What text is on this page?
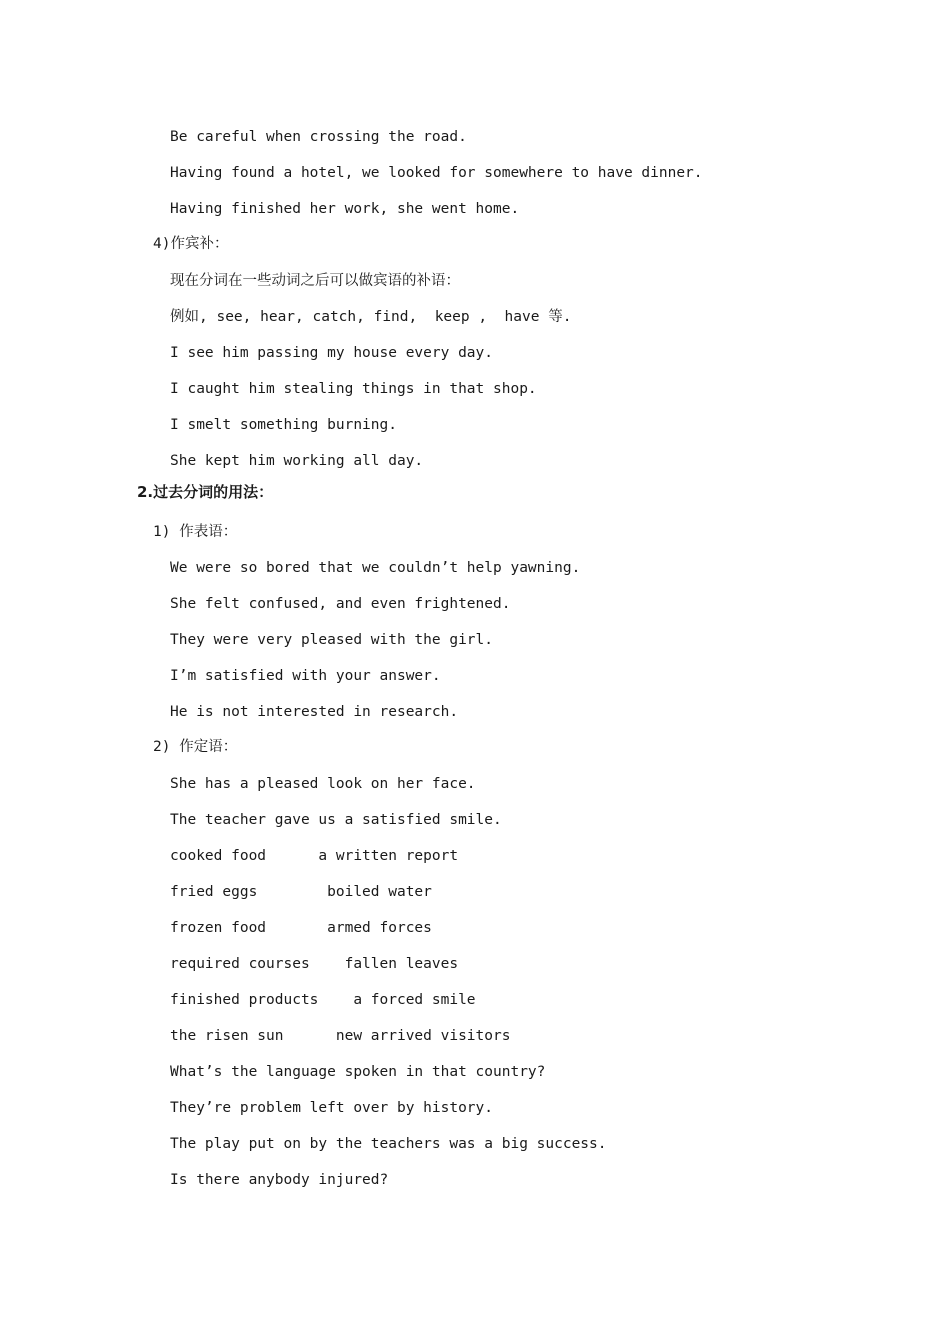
Be careful when crossing the road.
Having found a hotel, we looked for somewhere to have dinner.
Having finished her work, she went home.
4)作宾补：
现在分词在一些动词之后可以做宾语的补语：
例如, see, hear, catch, find,  keep ,  have 等.
I see him passing my house every day.
I caught him stealing things in that shop.
I smelt something burning.
She kept him working all day.
2.过去分词的用法：
1) 作表语：
We were so bored that we couldn’t help yawning.
She felt confused, and even frightened.
They were very pleased with the girl.
I’m satisfied with your answer.
He is not interested in research.
2) 作定语：
She has a pleased look on her face.
The teacher gave us a satisfied smile.
cooked food      a written report
fried eggs        boiled water
frozen food       armed forces
required courses    fallen leaves
finished products    a forced smile
the risen sun      new arrived visitors
What’s the language spoken in that country?
They’re problem left over by history.
The play put on by the teachers was a big success.
Is there anybody injured?
